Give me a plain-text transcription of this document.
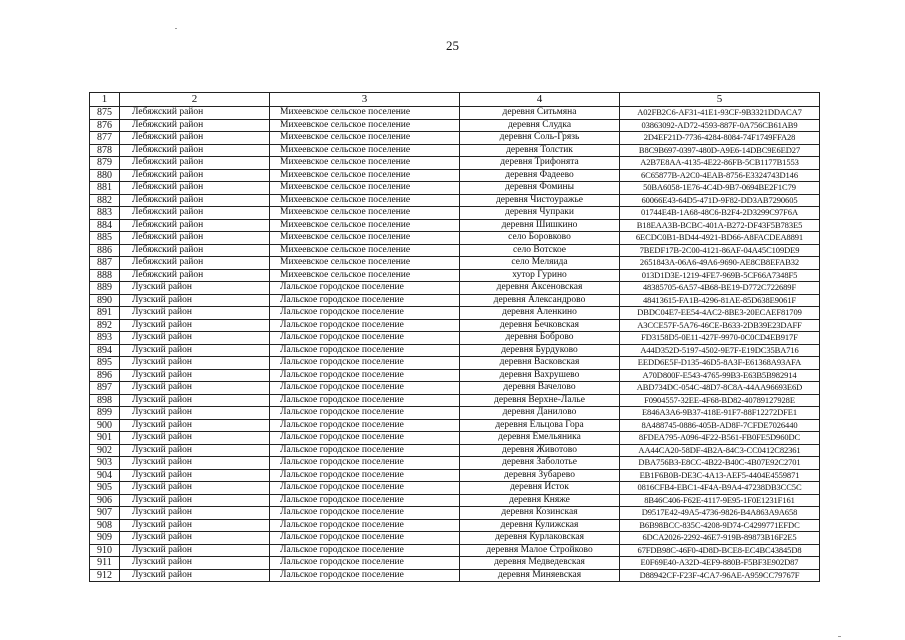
25
1	2	3	4	5
875	Лебяжский район	Михеевское сельское поселение	деревня Ситьмяна	A02FB2C6-AF31-41E1-93CF-9B3321DDACA7
876	Лебяжский район	Михеевское сельское поселение	деревня Слудка	03863092-AD72-4593-887F-0A756CB61AB9
877	Лебяжский район	Михеевское сельское поселение	деревня Соль-Грязь	2D4EF21D-7736-4284-8084-74F1749FFA28
878	Лебяжский район	Михеевское сельское поселение	деревня Толстик	B8C9B697-0397-480D-A9E6-14DBC9E6ED27
879	Лебяжский район	Михеевское сельское поселение	деревня Трифонята	A2B7E8AA-4135-4E22-86FB-5CB1177B1553
880	Лебяжский район	Михеевское сельское поселение	деревня Фадеево	6C65877B-A2C0-4EAB-8756-E3324743D146
881	Лебяжский район	Михеевское сельское поселение	деревня Фомины	50BA6058-1E76-4C4D-9B7-0694BE2F1C79
882	Лебяжский район	Михеевское сельское поселение	деревня Чистоуражье	60066E43-64D5-471D-9F82-DD3AB7290605
883	Лебяжский район	Михеевское сельское поселение	деревня Чупраки	01744E4B-1A68-48C6-B2F4-2D3299C97F6A
884	Лебяжский район	Михеевское сельское поселение	деревня Шишкино	B18EAA3B-BCBC-401A-B272-DF43F5B783E5
885	Лебяжский район	Михеевское сельское поселение	село Боровково	6ECDC0B1-BD44-4921-BD66-A8FACDEA8891
886	Лебяжский район	Михеевское сельское поселение	село Вотское	7BEDF17B-2C00-4121-86AF-04A45C109DE9
887	Лебяжский район	Михеевское сельское поселение	село Меляида	2651843A-06A6-49A6-9690-AE8CB8EFAB32
888	Лебяжский район	Михеевское сельское поселение	хутор Гурино	013D1D3E-1219-4FE7-969B-5CF66A7348F5
889	Лузский район	Лальское городское поселение	деревня Аксеновская	48385705-6A57-4B68-BE19-D772C722689F
890	Лузский район	Лальское городское поселение	деревня Александрово	48413615-FA1B-4296-81AE-85D638E9061F
891	Лузский район	Лальское городское поселение	деревня Аленкино	DBDC04E7-EE54-4AC2-8BE3-20ECAEF81709
892	Лузский район	Лальское городское поселение	деревня Бечковская	A3CCE57F-5A76-46CE-B633-2DB39E23DAFF
893	Лузский район	Лальское городское поселение	деревня Боброво	FD3158D5-0E11-427F-9970-0C0CD4EB917F
894	Лузский район	Лальское городское поселение	деревня Бурдуково	A44D352D-5197-4502-9E7F-E19DC35BA716
895	Лузский район	Лальское городское поселение	деревня Васковская	EEDD6E5F-D135-46D5-8A3F-E61368A93AFA
896	Лузский район	Лальское городское поселение	деревня Вахрушево	A70D800F-E543-4765-99B3-E63B5B982914
897	Лузский район	Лальское городское поселение	деревня Вачелово	ABD734DC-054C-48D7-8C8A-44AA96693E6D
898	Лузский район	Лальское городское поселение	деревня Верхне-Лалье	F0904557-32EE-4F68-BD82-40789127928E
899	Лузский район	Лальское городское поселение	деревня Данилово	E846A3A6-9B37-418E-91F7-88F12272DFE1
900	Лузский район	Лальское городское поселение	деревня Ельцова Гора	8A488745-0886-405B-AD8F-7CFDE7026440
901	Лузский район	Лальское городское поселение	деревня Емельяника	8FDEA795-A096-4F22-B561-FB0FE5D960DC
902	Лузский район	Лальское городское поселение	деревня Животово	AA44CA20-58DF-4B2A-84C3-CC0412C82361
903	Лузский район	Лальское городское поселение	деревня Заболотье	DBA756B3-E8CC-4B22-B40C-4B07E92C2701
904	Лузский район	Лальское городское поселение	деревня Зубарево	EB1F6B0B-DE3C-4A13-AEF5-4404E4559871
905	Лузский район	Лальское городское поселение	деревня Исток	0816CFB4-EBC1-4F4A-B9A4-47238DB3CC5C
906	Лузский район	Лальское городское поселение	деревня Княже	8B46C406-F62E-4117-9E95-1F0E1231F161
907	Лузский район	Лальское городское поселение	деревня Козинская	D9517E42-49A5-4736-9826-B4A863A9A658
908	Лузский район	Лальское городское поселение	деревня Кулижская	B6B98BCC-835C-4208-9D74-C4299771EFDC
909	Лузский район	Лальское городское поселение	деревня Курлаковская	6DCA2026-2292-46E7-919B-89873B16F2E5
910	Лузский район	Лальское городское поселение	деревня Малое Стройково	67FDB98C-46F0-4D8D-BCE8-EC4BC43845D8
911	Лузский район	Лальское городское поселение	деревня Медведевская	E0F69E40-A32D-4EF9-880B-F5BF3E902D87
912	Лузский район	Лальское городское поселение	деревня Миняевская	D88942CF-F23F-4CA7-96AE-A959CC79767F
